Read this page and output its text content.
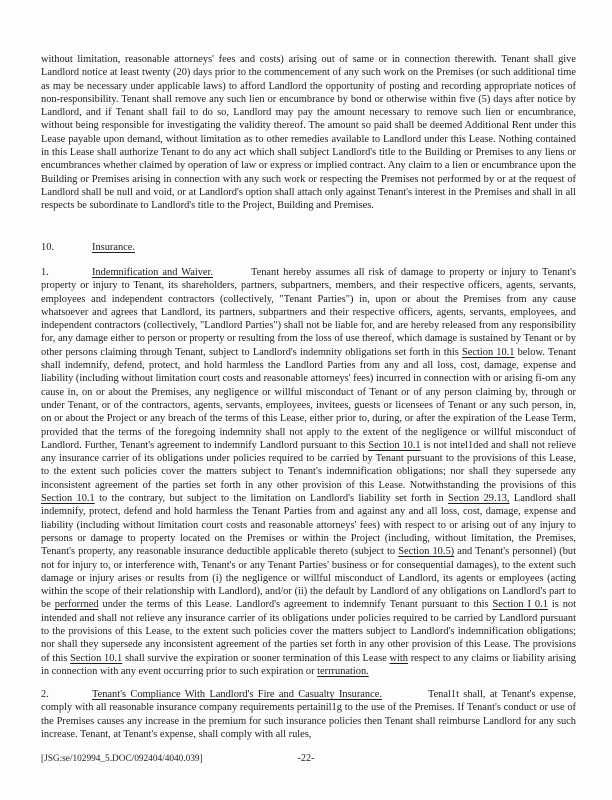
without limitation, reasonable attorneys' fees and costs) arising out of same or in connection therewith. Tenant shall give Landlord notice at least twenty (20) days prior to the commencement of any such work on the Premises (or such additional time as may be necessary under applicable laws) to afford Landlord the opportunity of posting and recording appropriate notices of non-responsibility. Tenant shall remove any such lien or encumbrance by bond or otherwise within five (5) days after notice by Landlord, and if Tenant shall fail to do so, Landlord may pay the amount necessary to remove such lien or encumbrance, without being responsible for investigating the validity thereof. The amount so paid shall be deemed Additional Rent under this Lease payable upon demand, without limitation as to other remedies available to Landlord under this Lease. Nothing contained in this Lease shall authorize Tenant to do any act which shall subject Landlord's title to the Building or Premises to any liens or encumbrances whether claimed by operation of law or express or implied contract. Any claim to a lien or encumbrance upon the Building or Premises arising in connection with any such work or respecting the Premises not performed by or at the request of Landlord shall be null and void, or at Landlord's option shall attach only against Tenant's interest in the Premises and shall in all respects be subordinate to Landlord's title to the Project, Building and Premises.

10.	Insurance.

1.	Indemnification and Waiver.	Tenant hereby assumes all risk of damage to property or injury to Tenant's property or injury to Tenant, its shareholders, partners, subpartners, members, and their respective officers, agents, servants, employees and independent contractors (collectively, "Tenant Parties") in, upon or about the Premises from any cause whatsoever and agrees that Landlord, its partners, subpartners and their respective officers, agents, servants, employees, and independent contractors (collectively, "Landlord Parties") shall not be liable for, and are hereby released from any responsibility for, any damage either to person or property or resulting from the loss of use thereof, which damage is sustained by Tenant or by other persons claiming through Tenant, subject to Landlord's indemnity obligations set forth in this Section 10.1 below. Tenant shall indemnify, defend, protect, and hold harmless the Landlord Parties from any and all loss, cost, damage, expense and liability (including without limitation court costs and reasonable attorneys' fees) incurred in connection with or arising fi-om any cause in, on or about the Premises, any negligence or willful misconduct of Tenant or of any person claiming by, through or under Tenant, or of the contractors, agents, servants, employees, invitees, guests or licensees of Tenant or any such person, in, on or about the Project or any breach of the terms of this Lease, either prior to, during, or after the expiration of the Lease Term, provided that the terms of the foregoing indemnity shall not apply to the extent of the negligence or willful misconduct of Landlord. Further, Tenant's agreement to indemnify Landlord pursuant to this Section 10.1 is not intel1ded and shall not relieve any insurance carrier of its obligations under policies required to be carried by Tenant pursuant to the provisions of this Lease, to the extent such policies cover the matters subject to Tenant's indemnification obligations; nor shall they supersede any inconsistent agreement of the parties set forth in any other provision of this Lease. Notwithstanding the provisions of this Section 10.1 to the contrary, but subject to the limitation on Landlord's liability set forth in Section 29.13, Landlord shall indemnify, protect, defend and hold harmless the Tenant Parties from and against any and all loss, cost, damage, expense and liability (including without limitation court costs and reasonable attorneys' fees) with respect to or arising out of any injury to persons or damage to property located on the Premises or within the Project (including, without limitation, the Premises, Tenant's property, any reasonable insurance deductible applicable thereto (subject to Section 10.5) and Tenant's personnel) (but not for injury to, or interference with, Tenant's or any Tenant Parties' business or for consequential damages), to the extent such damage or injury arises or results from (i) the negligence or willful misconduct of Landlord, its agents or employees (acting within the scope of their relationship with Landlord), and/or (ii) the default by Landlord of any obligations on Landlord's part to be perforrned under the terms of this Lease. Landlord's agreement to indemnify Tenant pursuant to this Section I 0.1 is not intended and shall not relieve any insurance carrier of its obligations under policies required to be carried by Landlord pursuant to the provisions of this Lease, to the extent such policies cover the matters subject to Landlord's indemnification obligations; nor shall they supersede any inconsistent agreement of the parties set forth in any other provision of this Lease. The provisions of this Section 10.1 shall survive the expiration or sooner termination of this Lease with respect to any claims or liability arising in connection with any event occurring prior to such expiration or terrrunation.

2.	Tenant's Compliance With Landlord's Fire and Casualty Insurance.	Tenal1t shall, at Tenant's expense, comply with all reasonable insurance company requirements pertainil1g to the use of the Premises. If Tenant's conduct or use of the Premises causes any increase in the premium for such insurance policies then Tenant shall reimburse Landlord for any such increase. Tenant, at Tenant's expense, shall comply with all rules,

[JSG:se/102994_5.DOC/092404/4040.039]	-22-
